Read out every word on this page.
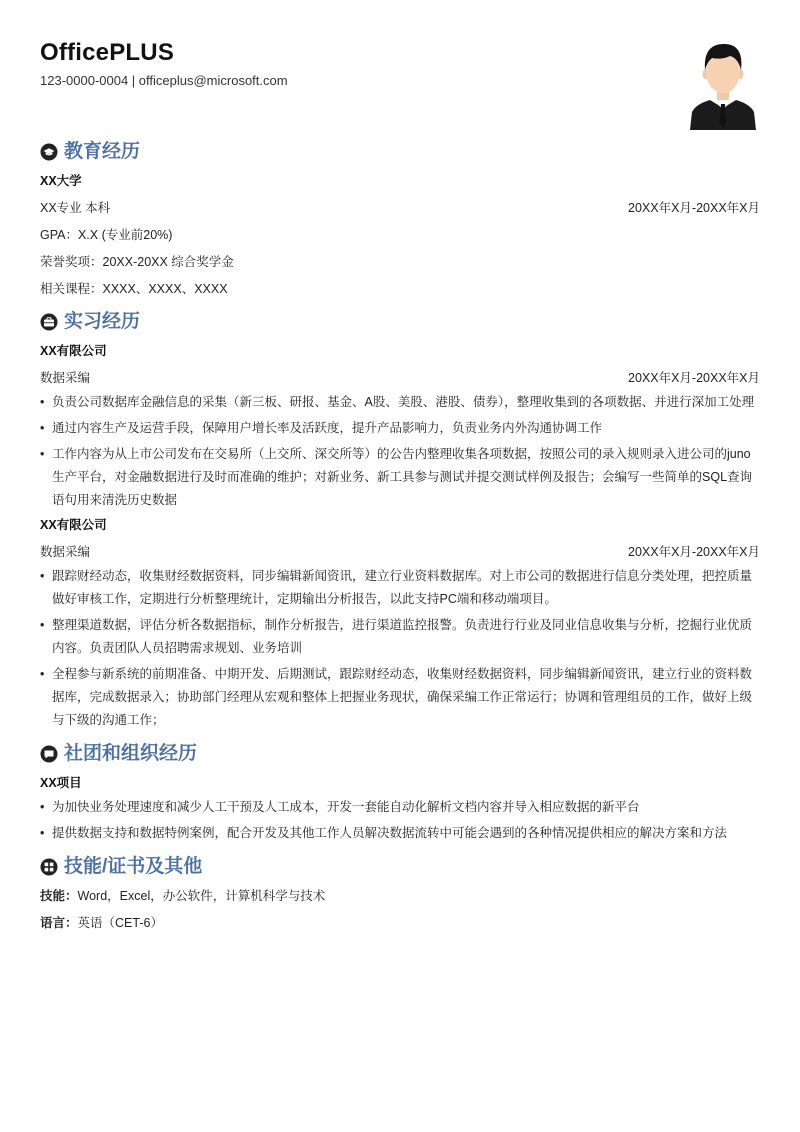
OfficePLUS
123-0000-0004 | officeplus@microsoft.com
教育经历
XX大学
XX专业 本科	20XX年X月-20XX年X月
GPA：X.X (专业前20%)
荣誉奖项：20XX-20XX 综合奖学金
相关课程：XXXX、XXXX、XXXX
实习经历
XX有限公司
数据采编	20XX年X月-20XX年X月
• 负责公司数据库金融信息的采集（新三板、研报、基金、A股、美股、港股、债券），整理收集到的各项数据、并进行深加工处理
• 通过内容生产及运营手段，保障用户增长率及活跃度，提升产品影响力，负责业务内外沟通协调工作
• 工作内容为从上市公司发布在交易所（上交所、深交所等）的公告内整理收集各项数据，按照公司的录入规则录入进公司的juno生产平台，对金融数据进行及时而准确的维护；对新业务、新工具参与测试并提交测试样例及报告；会编写一些简单的SQL查询语句用来清洗历史数据
XX有限公司
数据采编	20XX年X月-20XX年X月
• 跟踪财经动态，收集财经数据资料，同步编辑新闻资讯，建立行业资料数据库。对上市公司的数据进行信息分类处理，把控质量做好审核工作，定期进行分析整理统计，定期输出分析报告，以此支持PC端和移动端项目。
• 整理渠道数据，评估分析各数据指标，制作分析报告，进行渠道监控报警。负责进行行业及同业信息收集与分析，挖掘行业优质内容。负责团队人员招聘需求规划、业务培训
• 全程参与新系统的前期准备、中期开发、后期测试，跟踪财经动态，收集财经数据资料，同步编辑新闻资讯，建立行业的资料数据库，完成数据录入；协助部门经理从宏观和整体上把握业务现状，确保采编工作正常运行；协调和管理组员的工作，做好上级与下级的沟通工作；
社团和组织经历
XX项目
• 为加快业务处理速度和减少人工干预及人工成本，开发一套能自动化解析文档内容并导入相应数据的新平台
• 提供数据支持和数据特例案例，配合开发及其他工作人员解决数据流转中可能会遇到的各种情况提供相应的解决方案和方法
技能/证书及其他
技能：Word，Excel，办公软件，计算机科学与技术
语言：英语（CET-6）
